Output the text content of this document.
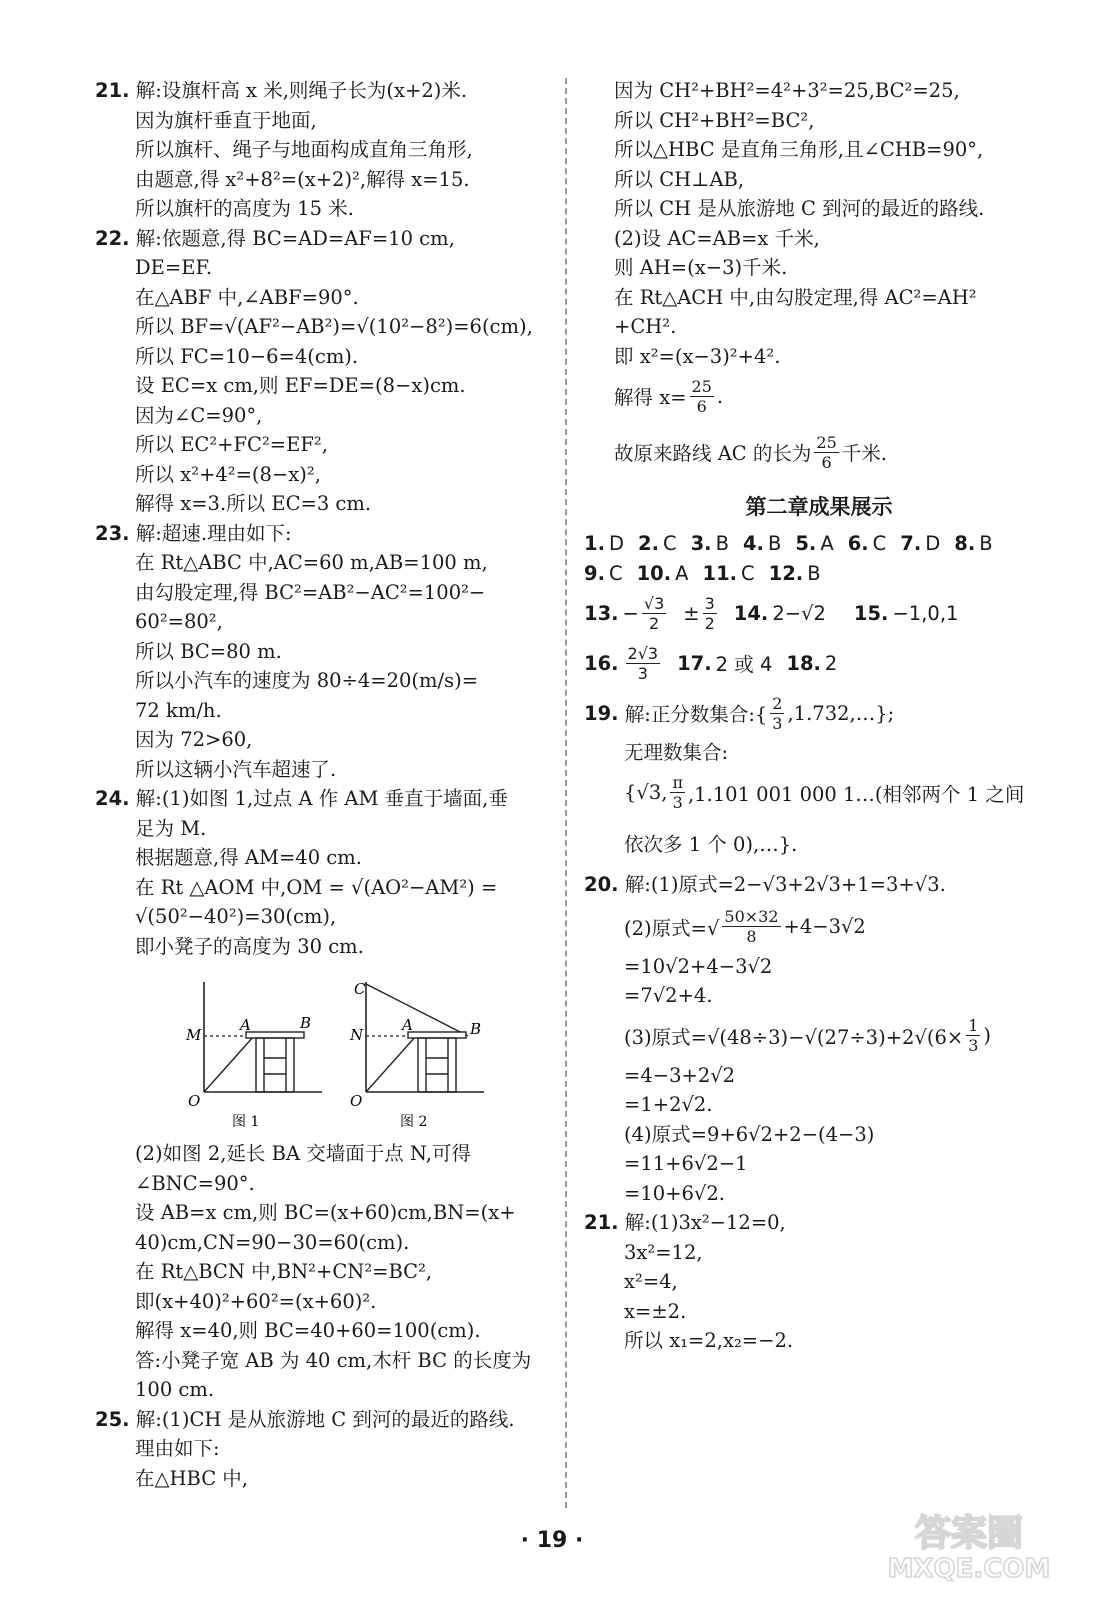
21. 解:设旗杆高 x 米,则绳子长为(x+2)米.
因为旗杆垂直于地面,
所以旗杆、绳子与地面构成直角三角形,
由题意,得 x²+8²=(x+2)²,解得 x=15.
所以旗杆的高度为 15 米.
22. 解:依题意,得 BC=AD=AF=10 cm,
DE=EF.
在△ABF 中,∠ABF=90°.
所以 BF=√(AF²−AB²)=√(10²−8²)=6(cm),
所以 FC=10−6=4(cm).
设 EC=x cm,则 EF=DE=(8−x)cm.
因为∠C=90°,
所以 EC²+FC²=EF²,
所以 x²+4²=(8−x)²,
解得 x=3.所以 EC=3 cm.
23. 解:超速.理由如下:
在 Rt△ABC 中,AC=60 m,AB=100 m,
由勾股定理,得 BC²=AB²−AC²=100²−
60²=80²,
所以 BC=80 m.
所以小汽车的速度为 80÷4=20(m/s)=
72 km/h.
因为 72>60,
所以这辆小汽车超速了.
24. 解:(1)如图 1,过点 A 作 AM 垂直于墙面,垂
足为 M.
根据题意,得 AM=40 cm.
在 Rt △AOM 中,OM = √(AO²−AM²) =
√(50²−40²)=30(cm),
即小凳子的高度为 30 cm.
(2)如图 2,延长 BA 交墙面于点 N,可得
∠BNC=90°.
设 AB=x cm,则 BC=(x+60)cm,BN=(x+
40)cm,CN=90−30=60(cm).
在 Rt△BCN 中,BN²+CN²=BC²,
即(x+40)²+60²=(x+60)².
解得 x=40,则 BC=40+60=100(cm).
答:小凳子宽 AB 为 40 cm,木杆 BC 的长度为
100 cm.
25. 解:(1)CH 是从旅游地 C 到河的最近的路线.
理由如下:
在△HBC 中,
M
A	B
O
图 1
C
N
A	B
O
图 2
因为 CH²+BH²=4²+3²=25,BC²=25,
所以 CH²+BH²=BC²,
所以△HBC 是直角三角形,且∠CHB=90°,
所以 CH⊥AB,
所以 CH 是从旅游地 C 到河的最近的路线.
(2)设 AC=AB=x 千米,
则 AH=(x−3)千米.
在 Rt△ACH 中,由勾股定理,得 AC²=AH²
+CH².
即 x²=(x−3)²+4².
解得 $x= \frac{25}{6}$ .
故原来路线 AC 的长为 $\frac{25}{6}$ 千米.
第二章成果展示
1. D 2. C 3. B 4. B 5. A 6. C 7. D 8. B
9. C 10. A 11. C 12. B
13. − $\frac{√3}{2} \pm \frac{3}{2} 14$. 2−√2 15. −1,0,1
16. $\frac{2√3}{3} 17$. 2 或 4 18. 2
19.
解:正分数集合:{ $\frac{2}{3}$ ,1.732,…};
无理数集合:
{√3, $\frac{\pi}{3} ,1.101$ 001 000 1…(相邻两个 1 之间
依次多 1 个 0),…}.
20. 解:(1)原式=2−√3+2√3+1=3+√3.
(2)原式=√ $\frac{50\times 32}{8} +4-3√2$
=10√2+4−3√2
=7√2+4.
(3)原式$=√(48\div 3)-√(27\div 3)+2√(6\times \frac{1}{3}$ )
=4−3+2√2
=1+2√2.
(4)原式=9+6√2+2−(4−3)
=11+6√2−1
=10+6√2.
21. 解:(1)3x²−12=0,
3x²=12,
x²=4,
x=±2.
所以 x₁=2,x₂=−2.
· 19 ·	答案圈
MXQE.COM
